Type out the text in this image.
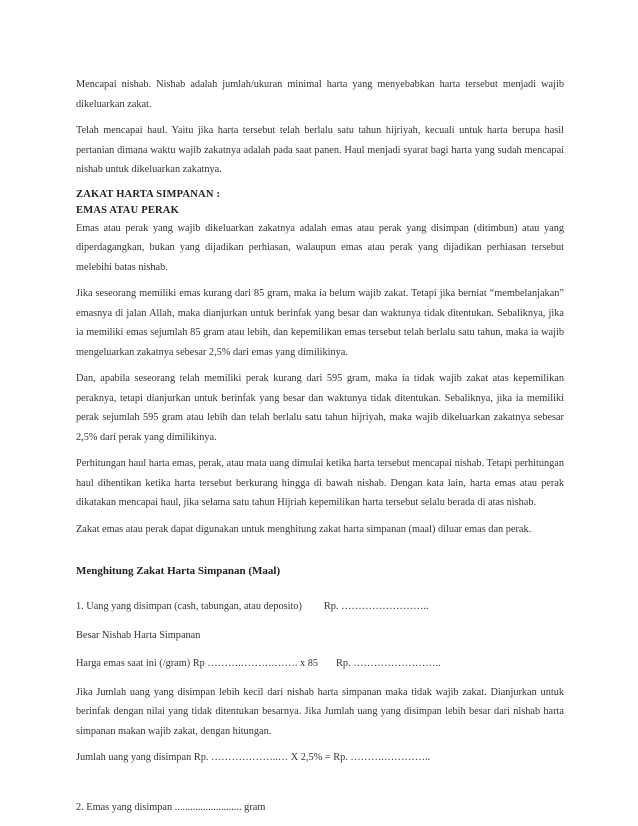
Mencapai nishab. Nishab adalah jumlah/ukuran minimal harta yang menyebabkan harta tersebut menjadi wajib dikeluarkan zakat.

Telah mencapai haul. Yaitu jika harta tersebut telah berlalu satu tahun hijriyah, kecuali untuk harta berupa hasil pertanian dimana waktu wajib zakatnya adalah pada saat panen. Haul menjadi syarat bagi harta yang sudah mencapai nishab untuk dikeluarkan zakatnya.

ZAKAT HARTA SIMPANAN :
EMAS ATAU PERAK

Emas atau perak yang wajib dikeluarkan zakatnya adalah emas atau perak yang disimpan (ditimbun) atau yang diperdagangkan, bukan yang dijadikan perhiasan, walaupun emas atau perak yang dijadikan perhiasan tersebut melebihi batas nishab.

Jika seseorang memiliki emas kurang dari 85 gram, maka ia belum wajib zakat. Tetapi jika berniat “membelanjakan” emasnya di jalan Allah, maka dianjurkan untuk berinfak yang besar dan waktunya tidak ditentukan. Sebaliknya, jika ia memiliki emas sejumlah 85 gram atau lebih, dan kepemilikan emas tersebut telah berlalu satu tahun, maka ia wajib mengeluarkan zakatnya sebesar 2,5% dari emas yang dimilikinya.

Dan, apabila seseorang telah memiliki perak kurang dari 595 gram, maka ia tidak wajib zakat atas kepemilikan peraknya, tetapi dianjurkan untuk berinfak yang besar dan waktunya tidak ditentukan. Sebaliknya, jika ia memiliki perak sejumlah 595 gram atau lebih dan telah berlalu satu tahun hijriyah, maka wajib dikeluarkan zakatnya sebesar 2,5% dari perak yang dimilikinya.

Perhitungan haul harta emas, perak, atau mata uang dimulai ketika harta tersebut mencapai nishab. Tetapi perhitungan haul dihentikan ketika harta tersebut berkurang hingga di bawah nishab. Dengan kata lain, harta emas atau perak dikatakan mencapai haul, jika selama satu tahun Hijriah kepemilikan harta tersebut selalu berada di atas nishab.

Zakat emas atau perak dapat digunakan untuk menghitung zakat harta simpanan (maal) diluar emas dan perak.

Menghitung Zakat Harta Simpanan (Maal)

1. Uang yang disimpan (cash, tabungan, atau deposito) Rp. ……………………..

Besar Nishab Harta Simpanan

Harga emas saat ini (/gram) Rp ……….……….……. x 85 Rp. ……………………..

Jika Jumlah uang yang disimpan lebih kecil dari nishab harta simpanan maka tidak wajib zakat. Dianjurkan untuk berinfak dengan nilai yang tidak ditentukan besarnya. Jika Jumlah uang yang disimpan lebih besar dari nishab harta simpanan makan wajib zakat, dengan hitungan.

Jumlah uang yang disimpan Rp. ………………..… X 2,5% = Rp. ……….…………..

2. Emas yang disimpan .......................... gram
